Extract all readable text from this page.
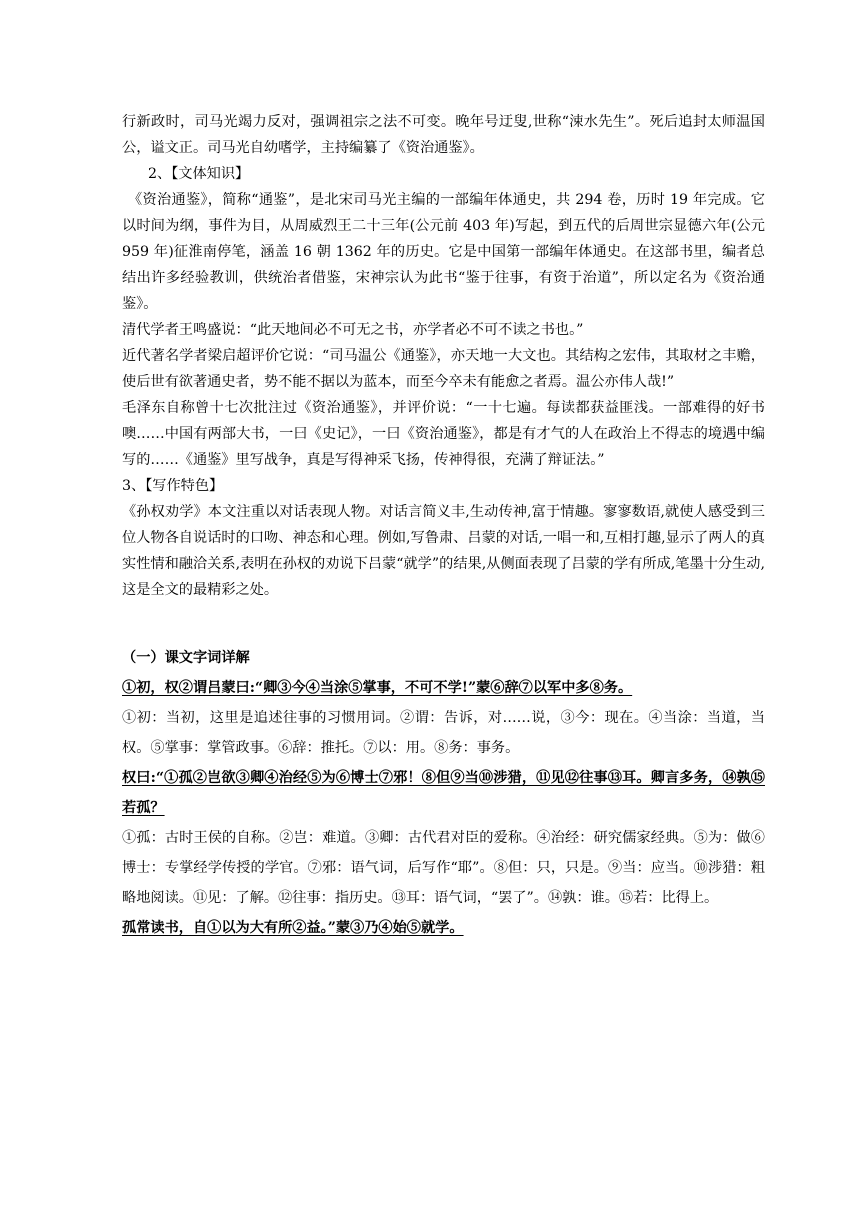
行新政时，司马光竭力反对，强调祖宗之法不可变。晚年号迂叟,世称“涑水先生”。死后追封太师温国公，谥文正。司马光自幼嗜学，主持编纂了《资治通鉴》。

2、【文体知识】

《资治通鉴》，简称“通鉴”，是北宋司马光主编的一部编年体通史，共 294 卷，历时 19 年完成。它以时间为纲，事件为目，从周威烈王二十三年(公元前 403 年)写起，到五代的后周世宗显德六年(公元 959 年)征淮南停笔，涵盖 16 朝 1362 年的历史。它是中国第一部编年体通史。在这部书里，编者总结出许多经验教训，供统治者借鉴，宋神宗认为此书“鉴于往事，有资于治道”，所以定名为《资治通鉴》。

清代学者王鸣盛说：“此天地间必不可无之书，亦学者必不可不读之书也。”

近代著名学者梁启超评价它说：“司马温公《通鉴》，亦天地一大文也。其结构之宏伟，其取材之丰赡，使后世有欲著通史者，势不能不据以为蓝本，而至今卒未有能愈之者焉。温公亦伟人哉!”

毛泽东自称曾十七次批注过《资治通鉴》，并评价说：“一十七遍。每读都获益匪浅。一部难得的好书噢……中国有两部大书，一曰《史记》，一曰《资治通鉴》，都是有才气的人在政治上不得志的境遇中编写的……《通鉴》里写战争，真是写得神采飞扬，传神得很，充满了辩证法。”

3、【写作特色】

《孙权劝学》本文注重以对话表现人物。对话言简义丰,生动传神,富于情趣。寥寥数语,就使人感受到三位人物各自说话时的口吻、神态和心理。例如,写鲁肃、吕蒙的对话,一唱一和,互相打趣,显示了两人的真实性情和融洽关系,表明在孙权的劝说下吕蒙“就学”的结果,从侧面表现了吕蒙的学有所成,笔墨十分生动,这是全文的最精彩之处。

（一）课文字词详解

①初，权②谓吕蒙曰:“卿③今④当涂⑤掌事，不可不学!”蒙⑥辞⑦以军中多⑧务。

①初：当初，这里是追述往事的习惯用词。②谓：告诉，对……说，③今：现在。④当涂：当道，当权。⑤掌事：掌管政事。⑥辞：推托。⑦以：用。⑧务：事务。

权曰:“①孤②岂欲③卿④治经⑤为⑥博士⑦邪！⑧但⑨当⑩涉猎，⑪见⑫往事⑬耳。卿言多务，⑭孰⑮若孤？

①孤：古时王侯的自称。②岂：难道。③卿：古代君对臣的爱称。④治经：研究儒家经典。⑤为：做⑥博士：专掌经学传授的学官。⑦邪：语气词，后写作“耶”。⑧但：只，只是。⑨当：应当。⑩涉猎：粗略地阅读。⑪见：了解。⑫往事：指历史。⑬耳：语气词，“罢了”。⑭孰：谁。⑮若：比得上。

孤常读书，自①以为大有所②益。”蒙③乃④始⑤就学。
